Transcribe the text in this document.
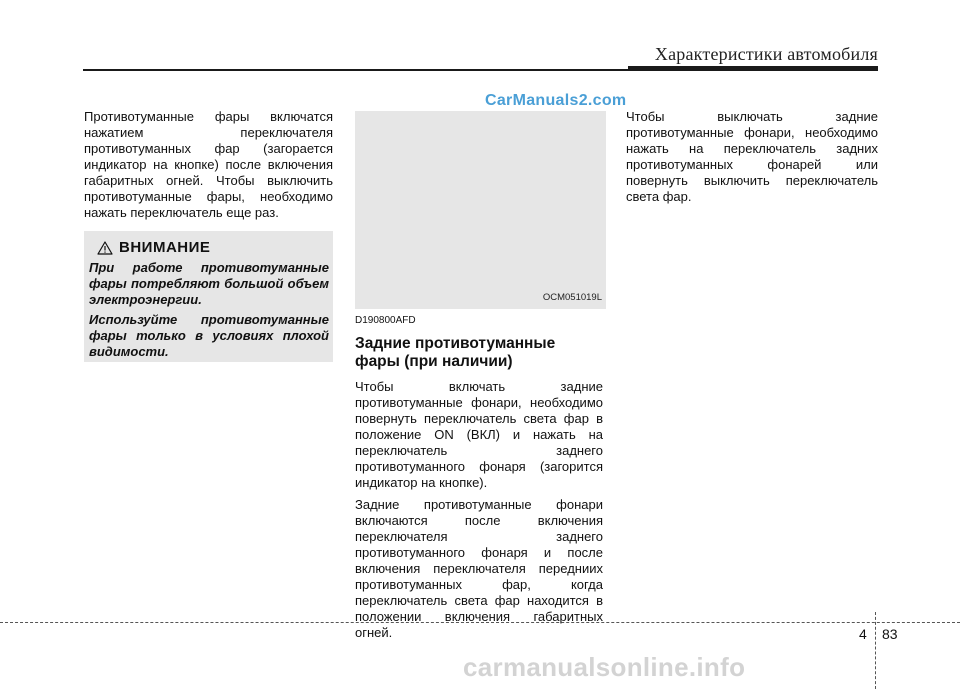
Характеристики автомобиля
CarManuals2.com

Противотуманные фары включатся нажатием переключателя противотуманных фар (загорается индикатор на кнопке) после включения габаритных огней. Чтобы выключить противотуманные фары, необходимо нажать переключатель еще раз.

ВНИМАНИЕ

При работе противотуманные фары потребляют большой объем электроэнергии.

Используйте противотуманные фары только в условиях плохой видимости.

OCM051019L
D190800AFD
Задние противотуманные фары (при наличии)

Чтобы включать задние противотуманные фонари, необходимо повернуть переключатель света фар в положение ON (ВКЛ) и нажать на переключатель заднего противотуманного фонаря (загорится индикатор на кнопке).

Задние противотуманные фонари включаются после включения переключателя заднего противотуманного фонаря и после включения переключателя передниих противотуманных фар, когда переключатель света фар находится в положении включения габаритных огней.

Чтобы выключать задние противотуманные фонари, необходимо нажать на переключатель задних противотуманных фонарей или повернуть выключить переключатель света фар.

4 83
carmanualsonline.info
